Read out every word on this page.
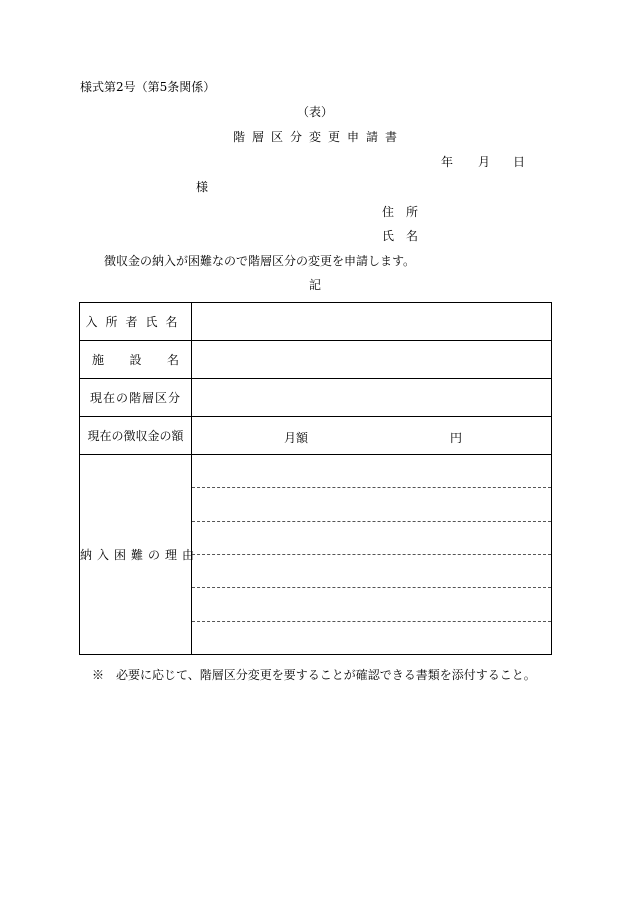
様式第2号（第5条関係）
（表）
階層区分変更申請書
年 月 日
様
住所
氏名
徴収金の納入が困難なので階層区分の変更を申請します。
記
入所者氏名	

施 設 名	

現在の階層区分	
現在の徴収金の額	月額 円

納入困難の理由	
※　必要に応じて、階層区分変更を要することが確認できる書類を添付すること。
